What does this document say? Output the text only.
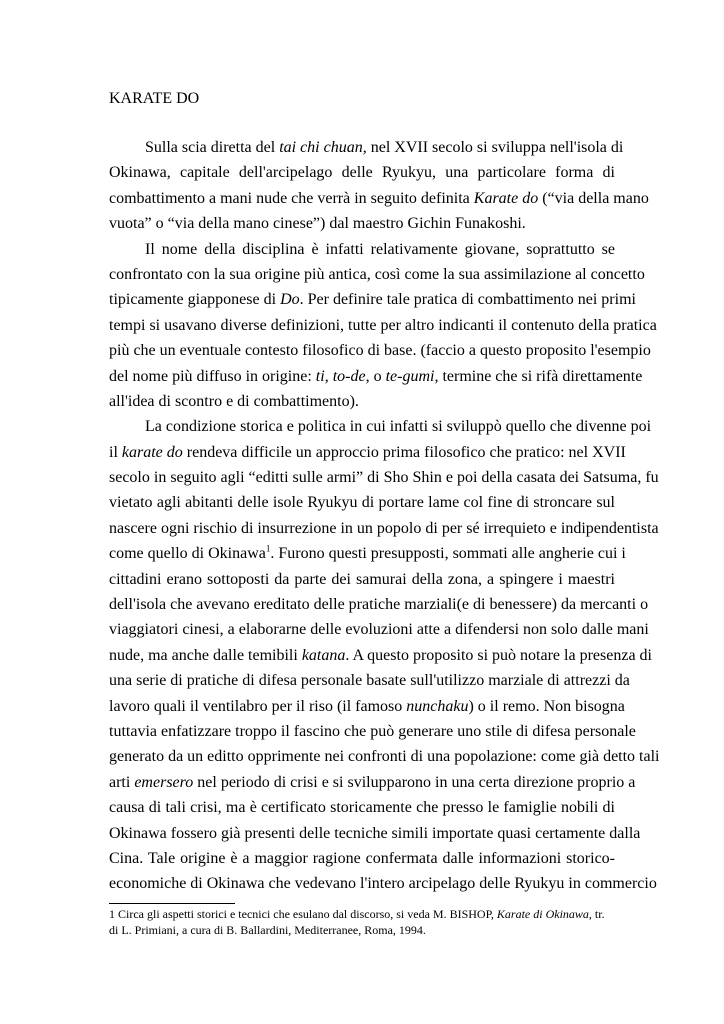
KARATE DO
Sulla scia diretta del tai chi chuan, nel XVII secolo si sviluppa nell'isola di
Okinawa, capitale dell'arcipelago delle Ryukyu, una particolare forma di
combattimento a mani nude che verrà in seguito definita Karate do (“via della mano
vuota” o “via della mano cinese”) dal maestro Gichin Funakoshi.
Il nome della disciplina è infatti relativamente giovane, soprattutto se
confrontato con la sua origine più antica, così come la sua assimilazione al concetto
tipicamente giapponese di Do. Per definire tale pratica di combattimento nei primi
tempi si usavano diverse definizioni, tutte per altro indicanti il contenuto della pratica
più che un eventuale contesto filosofico di base. (faccio a questo proposito l'esempio
del nome più diffuso in origine: ti, to-de, o te-gumi, termine che si rifà direttamente
all'idea di scontro e di combattimento).
La condizione storica e politica in cui infatti si sviluppò quello che divenne poi
il karate do rendeva difficile un approccio prima filosofico che pratico: nel XVII
secolo in seguito agli “editti sulle armi” di Sho Shin e poi della casata dei Satsuma, fu
vietato agli abitanti delle isole Ryukyu di portare lame col fine di stroncare sul
nascere ogni rischio di insurrezione in un popolo di per sé irrequieto e indipendentista
come quello di Okinawa$^1$. Furono questi presupposti, sommati alle angherie cui i
cittadini erano sottoposti da parte dei samurai della zona, a spingere i maestri
dell'isola che avevano ereditato delle pratiche marziali(e di benessere) da mercanti o
viaggiatori cinesi, a elaborarne delle evoluzioni atte a difendersi non solo dalle mani
nude, ma anche dalle temibili katana. A questo proposito si può notare la presenza di
una serie di pratiche di difesa personale basate sull'utilizzo marziale di attrezzi da
lavoro quali il ventilabro per il riso (il famoso nunchaku) o il remo. Non bisogna
tuttavia enfatizzare troppo il fascino che può generare uno stile di difesa personale
generato da un editto opprimente nei confronti di una popolazione: come già detto tali
arti emersero nel periodo di crisi e si svilupparono in una certa direzione proprio a
causa di tali crisi, ma è certificato storicamente che presso le famiglie nobili di
Okinawa fossero già presenti delle tecniche simili importate quasi certamente dalla
Cina. Tale origine è a maggior ragione confermata dalle informazioni storico-
economiche di Okinawa che vedevano l'intero arcipelago delle Ryukyu in commercio
1 Circa gli aspetti storici e tecnici che esulano dal discorso, si veda M. BISHOP, Karate di Okinawa, tr.
di L. Primiani, a cura di B. Ballardini, Mediterranee, Roma, 1994.
